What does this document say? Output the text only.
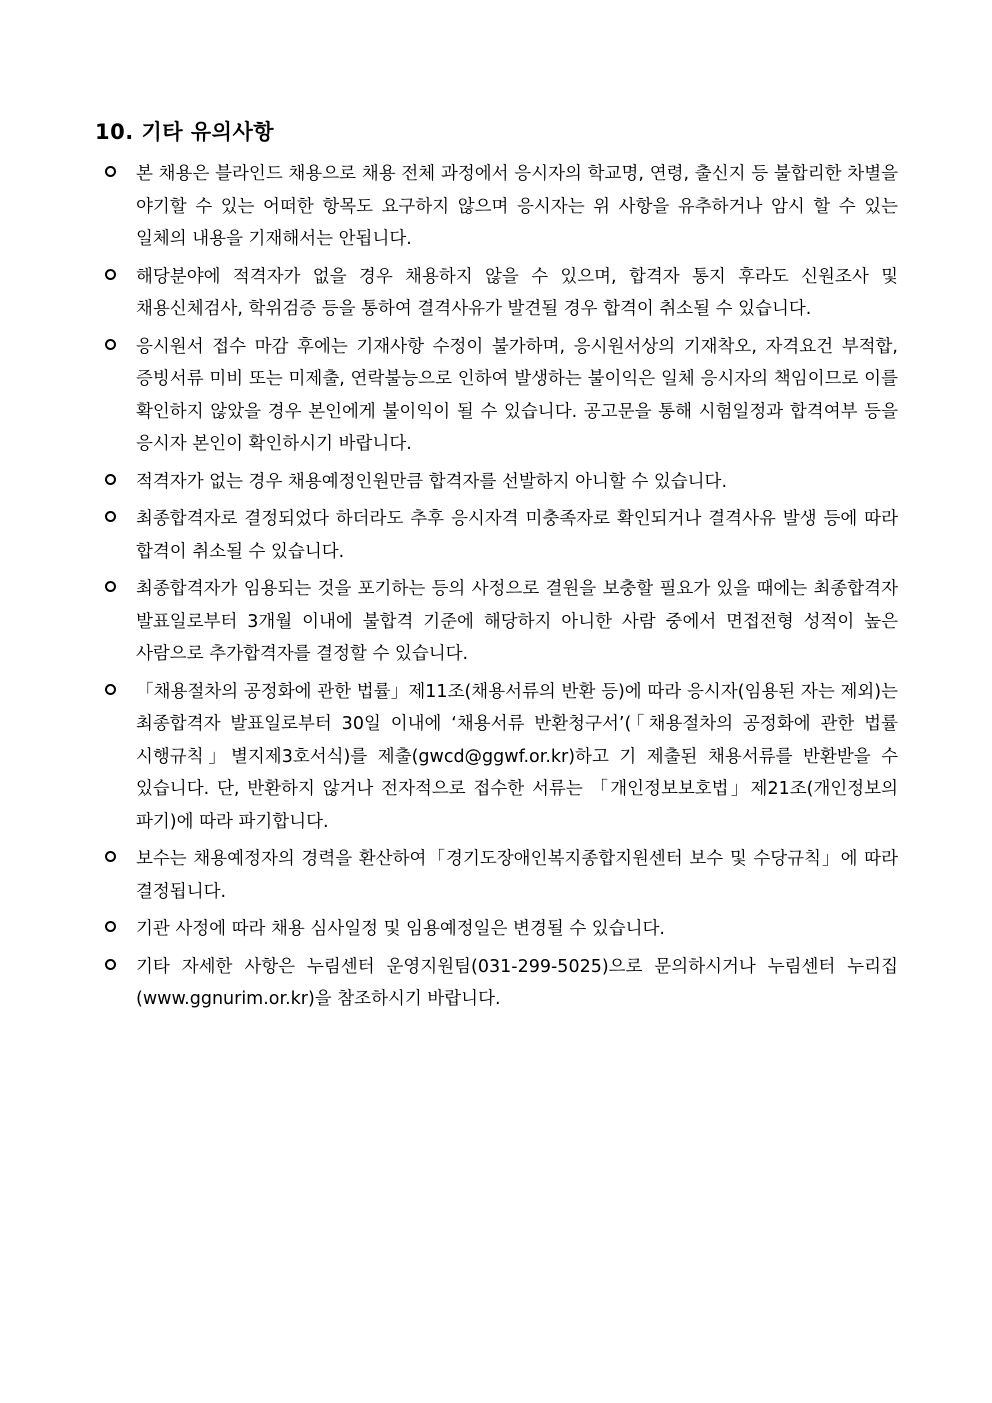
10. 기타 유의사항
본 채용은 블라인드 채용으로 채용 전체 과정에서 응시자의 학교명, 연령, 출신지 등 불합리한 차별을 야기할 수 있는 어떠한 항목도 요구하지 않으며 응시자는 위 사항을 유추하거나 암시 할 수 있는 일체의 내용을 기재해서는 안됩니다.
해당분야에 적격자가 없을 경우 채용하지 않을 수 있으며, 합격자 통지 후라도 신원조사 및 채용신체검사, 학위검증 등을 통하여 결격사유가 발견될 경우 합격이 취소될 수 있습니다.
응시원서 접수 마감 후에는 기재사항 수정이 불가하며, 응시원서상의 기재착오, 자격요건 부적합, 증빙서류 미비 또는 미제출, 연락불능으로 인하여 발생하는 불이익은 일체 응시자의 책임이므로 이를 확인하지 않았을 경우 본인에게 불이익이 될 수 있습니다. 공고문을 통해 시험일정과 합격여부 등을 응시자 본인이 확인하시기 바랍니다.
적격자가 없는 경우 채용예정인원만큼 합격자를 선발하지 아니할 수 있습니다.
최종합격자로 결정되었다 하더라도 추후 응시자격 미충족자로 확인되거나 결격사유 발생 등에 따라 합격이 취소될 수 있습니다.
최종합격자가 임용되는 것을 포기하는 등의 사정으로 결원을 보충할 필요가 있을 때에는 최종합격자 발표일로부터 3개월 이내에 불합격 기준에 해당하지 아니한 사람 중에서 면접전형 성적이 높은 사람으로 추가합격자를 결정할 수 있습니다.
「채용절차의 공정화에 관한 법률」제11조(채용서류의 반환 등)에 따라 응시자(임용된 자는 제외)는 최종합격자 발표일로부터 30일 이내에 ‘채용서류 반환청구서’(「채용절차의 공정화에 관한 법률 시행규칙」별지제3호서식)를 제출(gwcd@ggwf.or.kr)하고 기 제출된 채용서류를 반환받을 수 있습니다. 단, 반환하지 않거나 전자적으로 접수한 서류는 「개인정보보호법」제21조(개인정보의 파기)에 따라 파기합니다.
보수는 채용예정자의 경력을 환산하여「경기도장애인복지종합지원센터 보수 및 수당규칙」에 따라 결정됩니다.
기관 사정에 따라 채용 심사일정 및 임용예정일은 변경될 수 있습니다.
기타 자세한 사항은 누림센터 운영지원팀(031-299-5025)으로 문의하시거나 누림센터 누리집(www.ggnurim.or.kr)을 참조하시기 바랍니다.
